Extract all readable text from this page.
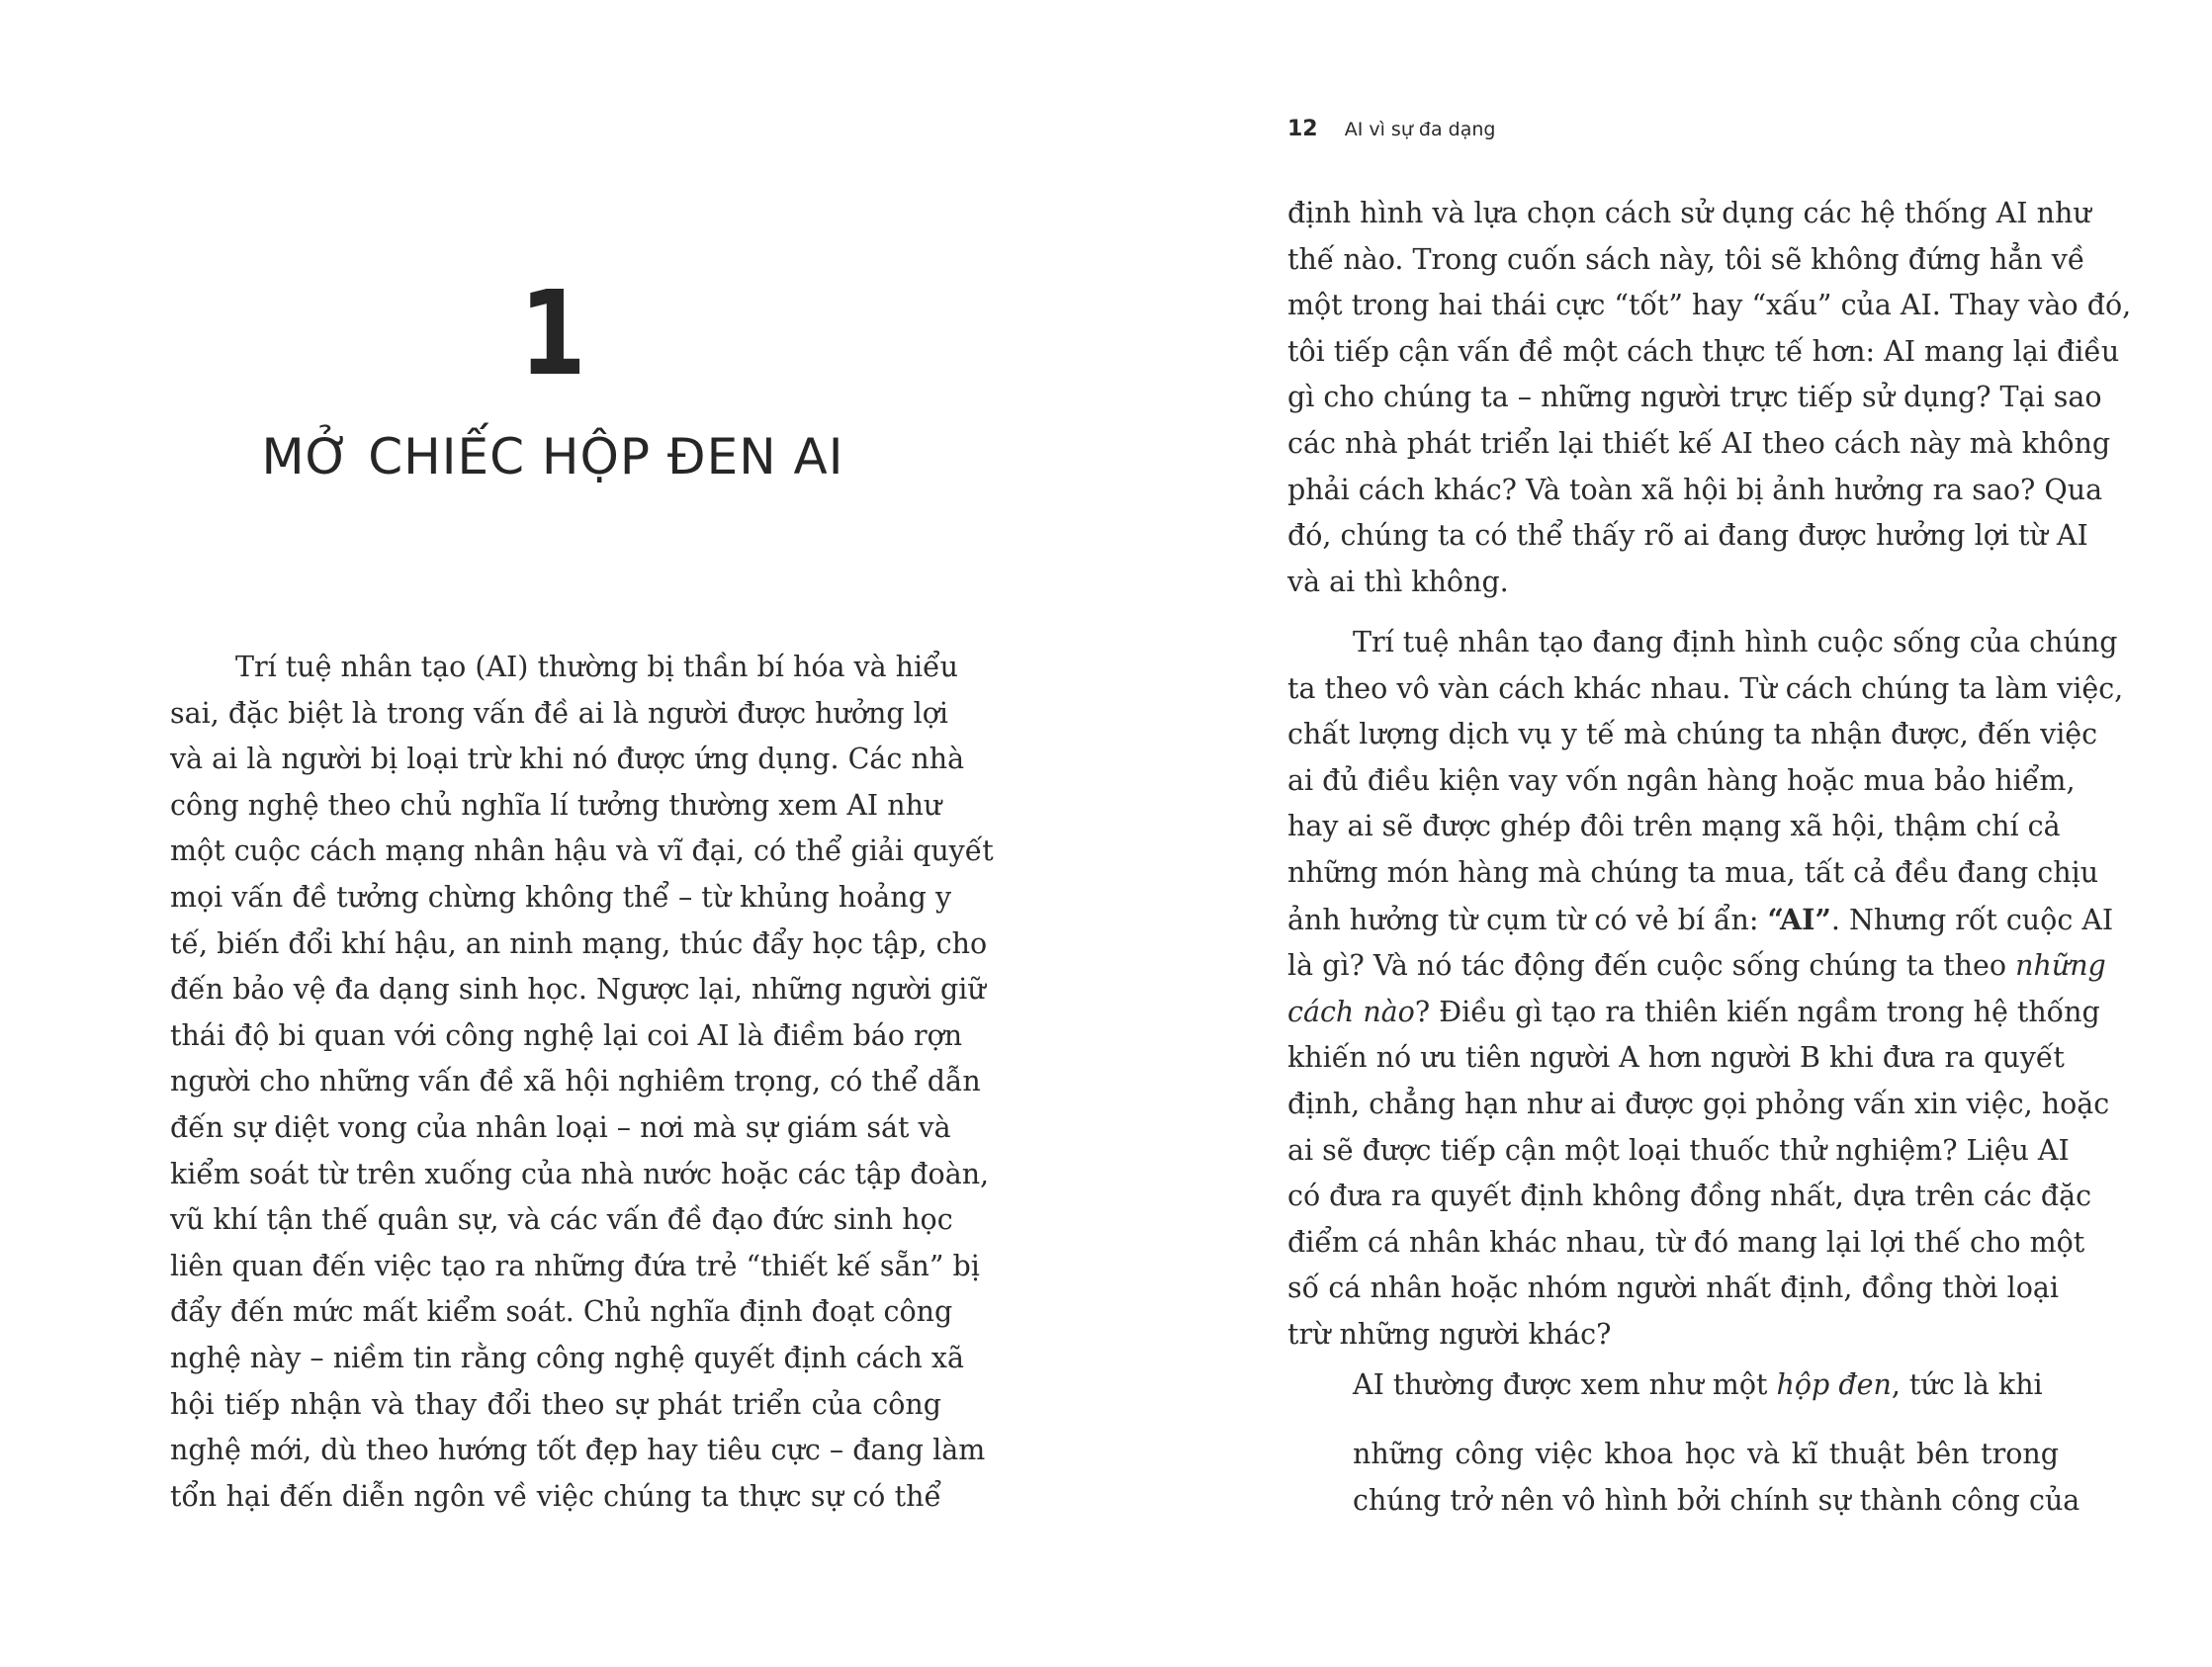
1
MỞ CHIẾC HỘP ĐEN AI
Trí tuệ nhân tạo (AI) thường bị thần bí hóa và hiểu
sai, đặc biệt là trong vấn đề ai là người được hưởng lợi
và ai là người bị loại trừ khi nó được ứng dụng. Các nhà
công nghệ theo chủ nghĩa lí tưởng thường xem AI như
một cuộc cách mạng nhân hậu và vĩ đại, có thể giải quyết
mọi vấn đề tưởng chừng không thể – từ khủng hoảng y
tế, biến đổi khí hậu, an ninh mạng, thúc đẩy học tập, cho
đến bảo vệ đa dạng sinh học. Ngược lại, những người giữ
thái độ bi quan với công nghệ lại coi AI là điềm báo rợn
người cho những vấn đề xã hội nghiêm trọng, có thể dẫn
đến sự diệt vong của nhân loại – nơi mà sự giám sát và
kiểm soát từ trên xuống của nhà nước hoặc các tập đoàn,
vũ khí tận thế quân sự, và các vấn đề đạo đức sinh học
liên quan đến việc tạo ra những đứa trẻ “thiết kế sẵn” bị
đẩy đến mức mất kiểm soát. Chủ nghĩa định đoạt công
nghệ này – niềm tin rằng công nghệ quyết định cách xã
hội tiếp nhận và thay đổi theo sự phát triển của công
nghệ mới, dù theo hướng tốt đẹp hay tiêu cực – đang làm
tổn hại đến diễn ngôn về việc chúng ta thực sự có thể
12 AI vì sự đa dạng
định hình và lựa chọn cách sử dụng các hệ thống AI như
thế nào. Trong cuốn sách này, tôi sẽ không đứng hẳn về
một trong hai thái cực “tốt” hay “xấu” của AI. Thay vào đó,
tôi tiếp cận vấn đề một cách thực tế hơn: AI mang lại điều
gì cho chúng ta – những người trực tiếp sử dụng? Tại sao
các nhà phát triển lại thiết kế AI theo cách này mà không
phải cách khác? Và toàn xã hội bị ảnh hưởng ra sao? Qua
đó, chúng ta có thể thấy rõ ai đang được hưởng lợi từ AI
và ai thì không.
Trí tuệ nhân tạo đang định hình cuộc sống của chúng
ta theo vô vàn cách khác nhau. Từ cách chúng ta làm việc,
chất lượng dịch vụ y tế mà chúng ta nhận được, đến việc
ai đủ điều kiện vay vốn ngân hàng hoặc mua bảo hiểm,
hay ai sẽ được ghép đôi trên mạng xã hội, thậm chí cả
những món hàng mà chúng ta mua, tất cả đều đang chịu
ảnh hưởng từ cụm từ có vẻ bí ẩn: “AI”. Nhưng rốt cuộc AI
là gì? Và nó tác động đến cuộc sống chúng ta theo những
cách nào? Điều gì tạo ra thiên kiến ngầm trong hệ thống
khiến nó ưu tiên người A hơn người B khi đưa ra quyết
định, chẳng hạn như ai được gọi phỏng vấn xin việc, hoặc
ai sẽ được tiếp cận một loại thuốc thử nghiệm? Liệu AI
có đưa ra quyết định không đồng nhất, dựa trên các đặc
điểm cá nhân khác nhau, từ đó mang lại lợi thế cho một
số cá nhân hoặc nhóm người nhất định, đồng thời loại
trừ những người khác?
AI thường được xem như một hộp đen, tức là khi
những công việc khoa học và kĩ thuật bên trong
chúng trở nên vô hình bởi chính sự thành công của
